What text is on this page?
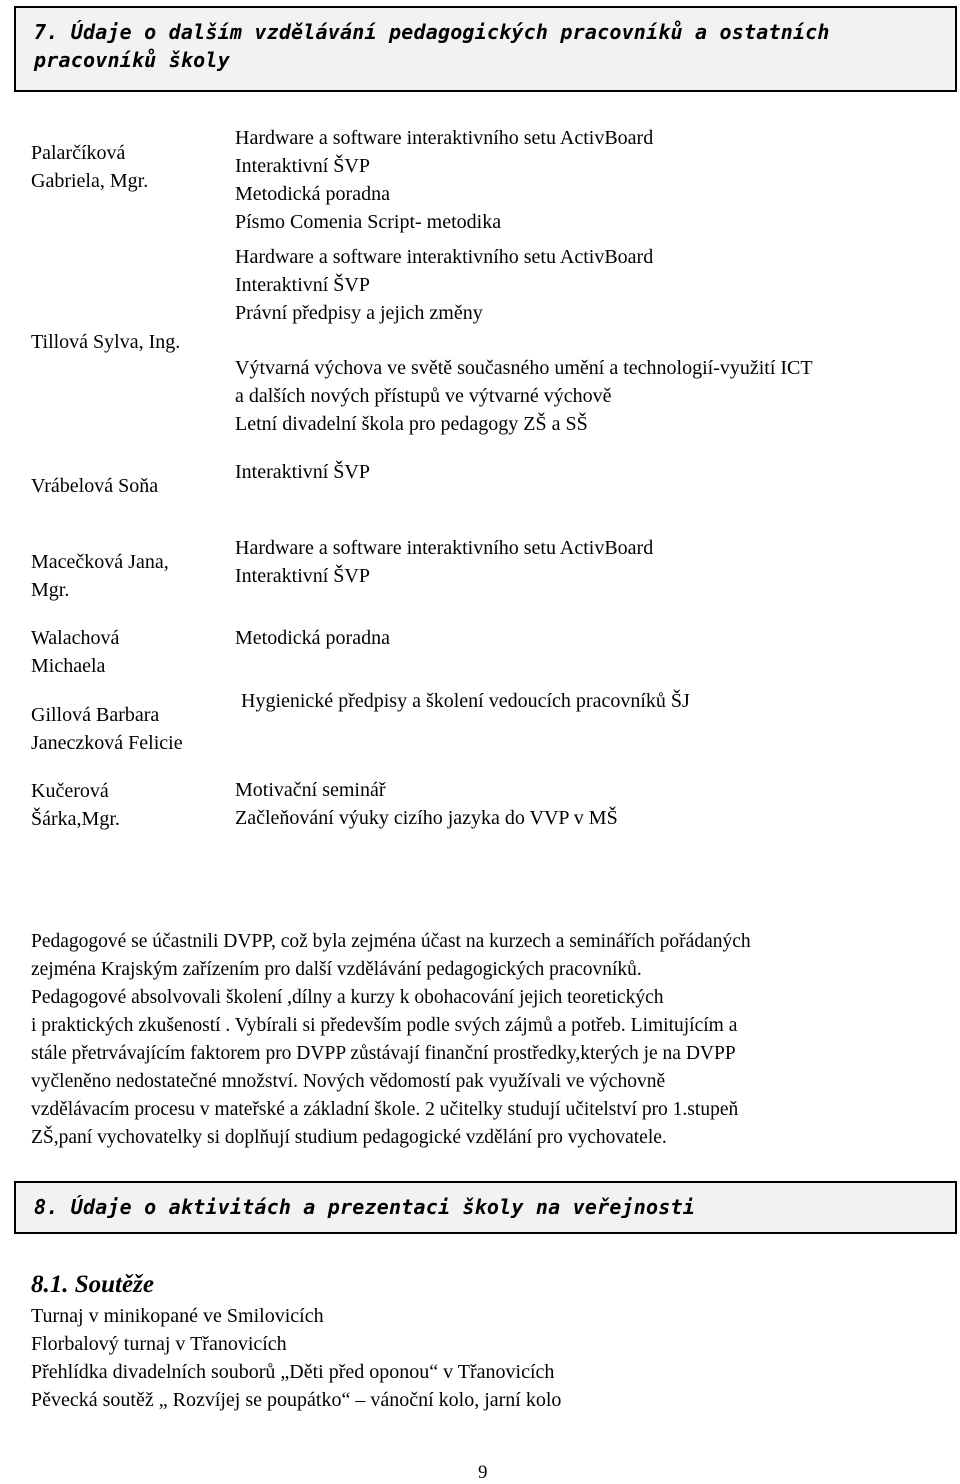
7. Údaje o dalším vzdělávání pedagogických pracovníků a ostatních
pracovníků školy
Palarčíková
Gabriela, Mgr.
Tillová Sylva, Ing.
Vrábelová Soňa
Macečková Jana,
Mgr.
Walachová
Michaela
Gillová Barbara
Janeczková Felicie
Kučerová
Šárka,Mgr.
Hardware a software interaktivního setu ActivBoard
Interaktivní ŠVP
Metodická poradna
Písmo Comenia Script- metodika
Hardware a software interaktivního setu ActivBoard
Interaktivní ŠVP
Právní předpisy a jejich změny
Výtvarná výchova ve světě současného umění a technologií-využití ICT
a dalších nových přístupů ve výtvarné výchově
Letní divadelní škola pro pedagogy ZŠ a SŠ
Interaktivní ŠVP
Hardware a software interaktivního setu ActivBoard
Interaktivní ŠVP
Metodická poradna
Hygienické předpisy a školení vedoucích pracovníků ŠJ
Motivační seminář
Začleňování výuky cizího jazyka do VVP v MŠ
Pedagogové se účastnili DVPP, což byla zejména účast na kurzech a seminářích pořádaných
zejména Krajským zařízením pro další vzdělávání pedagogických pracovníků.
Pedagogové absolvovali školení ,dílny a kurzy k obohacování jejich teoretických
i praktických zkušeností . Vybírali si především podle svých zájmů a potřeb. Limitujícím a
stále přetrvávajícím faktorem pro DVPP zůstávají finanční prostředky,kterých je na DVPP
vyčleněno nedostatečné množství. Nových vědomostí pak využívali ve výchovně
vzdělávacím procesu v mateřské a základní škole. 2 učitelky studují učitelství pro 1.stupeň
ZŠ,paní vychovatelky si doplňují studium pedagogické vzdělání pro vychovatele.
8. Údaje o aktivitách a prezentaci školy na veřejnosti
8.1. Soutěže
Turnaj v minikopané ve Smilovicích
Florbalový turnaj v Třanovicích
Přehlídka divadelních souborů „Děti před oponou“ v Třanovicích
Pěvecká soutěž „ Rozvíjej se poupátko“ – vánoční kolo, jarní kolo
9
